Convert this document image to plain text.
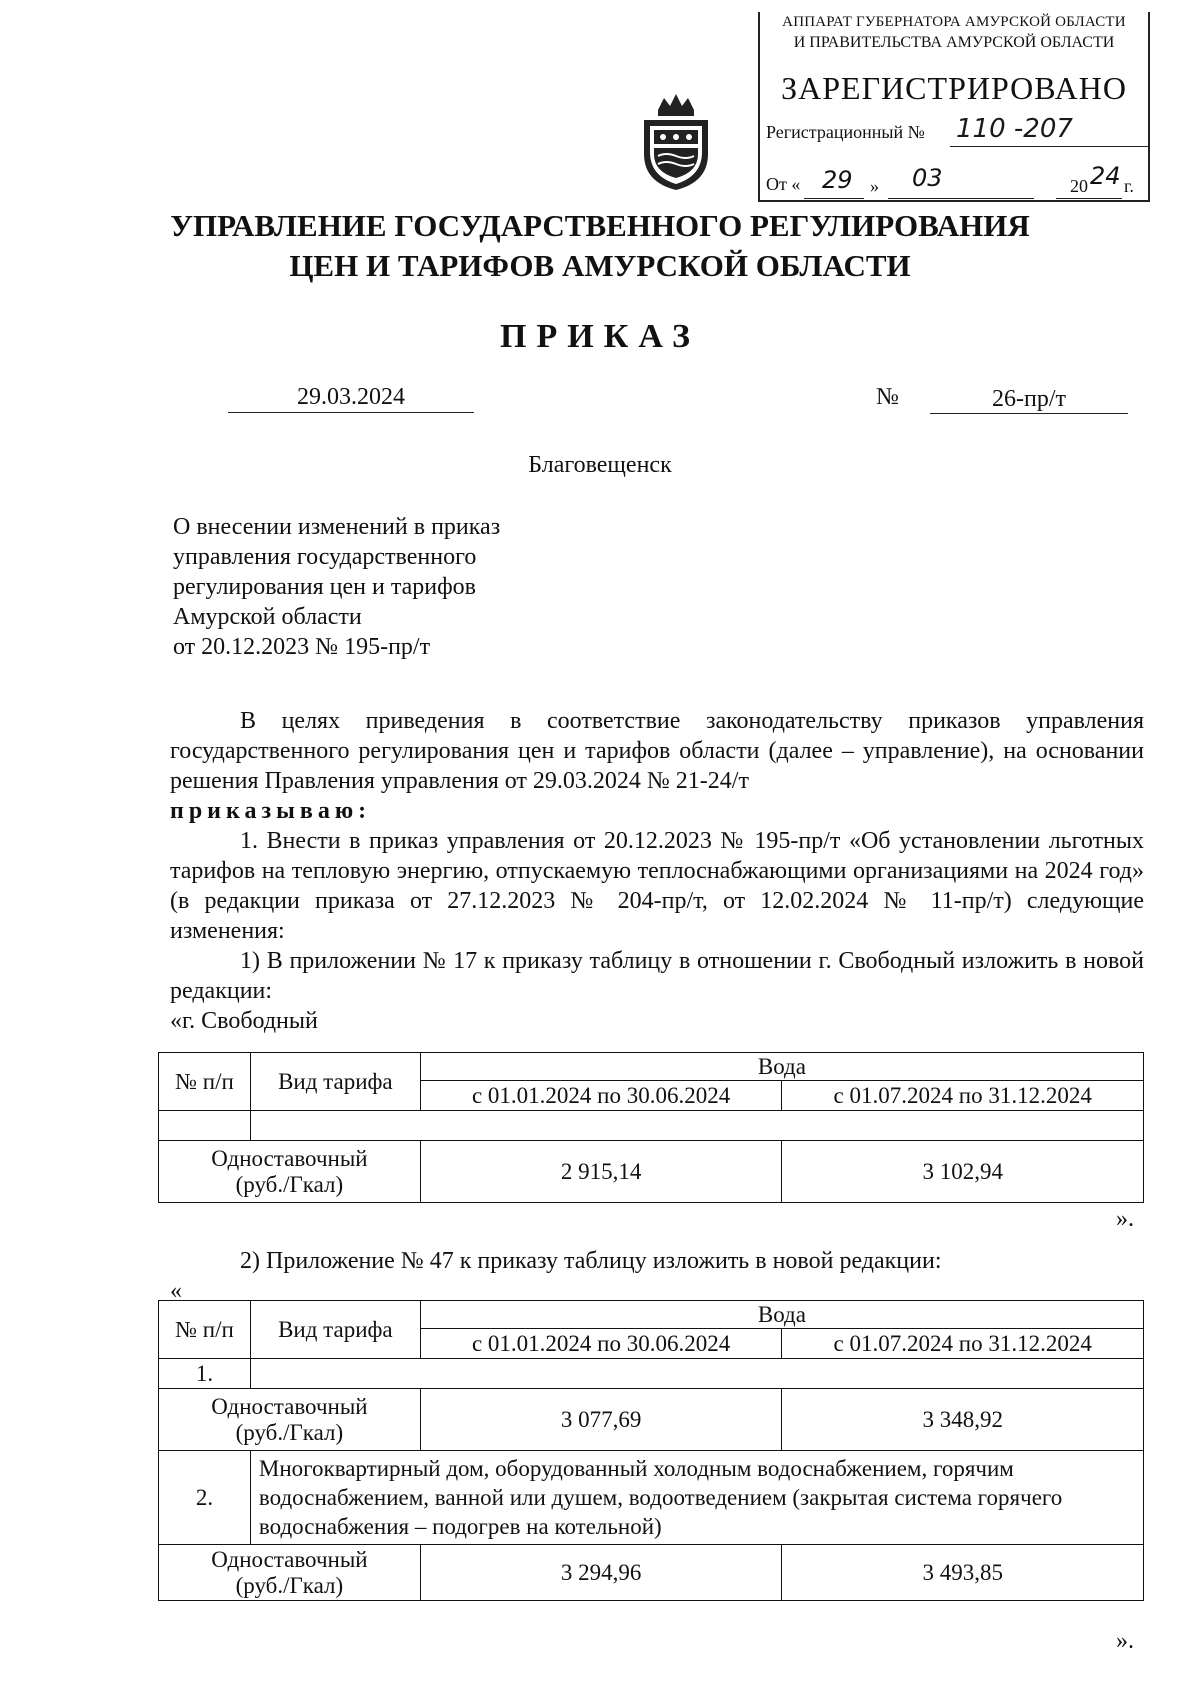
АППАРАТ ГУБЕРНАТОРА АМУРСКОЙ ОБЛАСТИ
И ПРАВИТЕЛЬСТВА АМУРСКОЙ ОБЛАСТИ
ЗАРЕГИСТРИРОВАНО
Регистрационный № 110 -207
От « 29 » 03	20 24 г.
УПРАВЛЕНИЕ ГОСУДАРСТВЕННОГО РЕГУЛИРОВАНИЯ
ЦЕН И ТАРИФОВ АМУРСКОЙ ОБЛАСТИ
ПРИКАЗ
29.03.2024	№	26-пр/т
Благовещенск
О внесении изменений в приказ
управления государственного
регулирования цен и тарифов
Амурской области
от 20.12.2023 № 195-пр/т
В целях приведения в соответствие законодательству приказов управления государственного регулирования цен и тарифов области (далее – управление), на основании решения Правления управления от 29.03.2024 № 21-24/т
приказываю:
1. Внести в приказ управления от 20.12.2023 № 195-пр/т «Об установлении льготных тарифов на тепловую энергию, отпускаемую теплоснабжающими организациями на 2024 год» (в редакции приказа от 27.12.2023 № 204-пр/т, от 12.02.2024 № 11-пр/т) следующие изменения:
1) В приложении № 17 к приказу таблицу в отношении г. Свободный изложить в новой редакции:
«г. Свободный
№ п/п	Вид тарифа	Вода	
		с 01.01.2024 по 30.06.2024	с 01.07.2024 по 31.12.2024

Одноставочный
(руб./Гкал)		2 915,14	3 102,94
».
2) Приложение № 47 к приказу таблицу изложить в новой редакции:
«
№ п/п	Вид тарифа	Вода	
		с 01.01.2024 по 30.06.2024	с 01.07.2024 по 31.12.2024
1.			

Одноставочный
(руб./Гкал)		3 077,69	3 348,92
2.	Многоквартирный дом, оборудованный холодным водоснабжением, горячим водоснабжением, ванной или душем, водоотведением (закрытая система горячего водоснабжения – подогрев на котельной)		

Одноставочный
(руб./Гкал)		3 294,96	3 493,85
».
